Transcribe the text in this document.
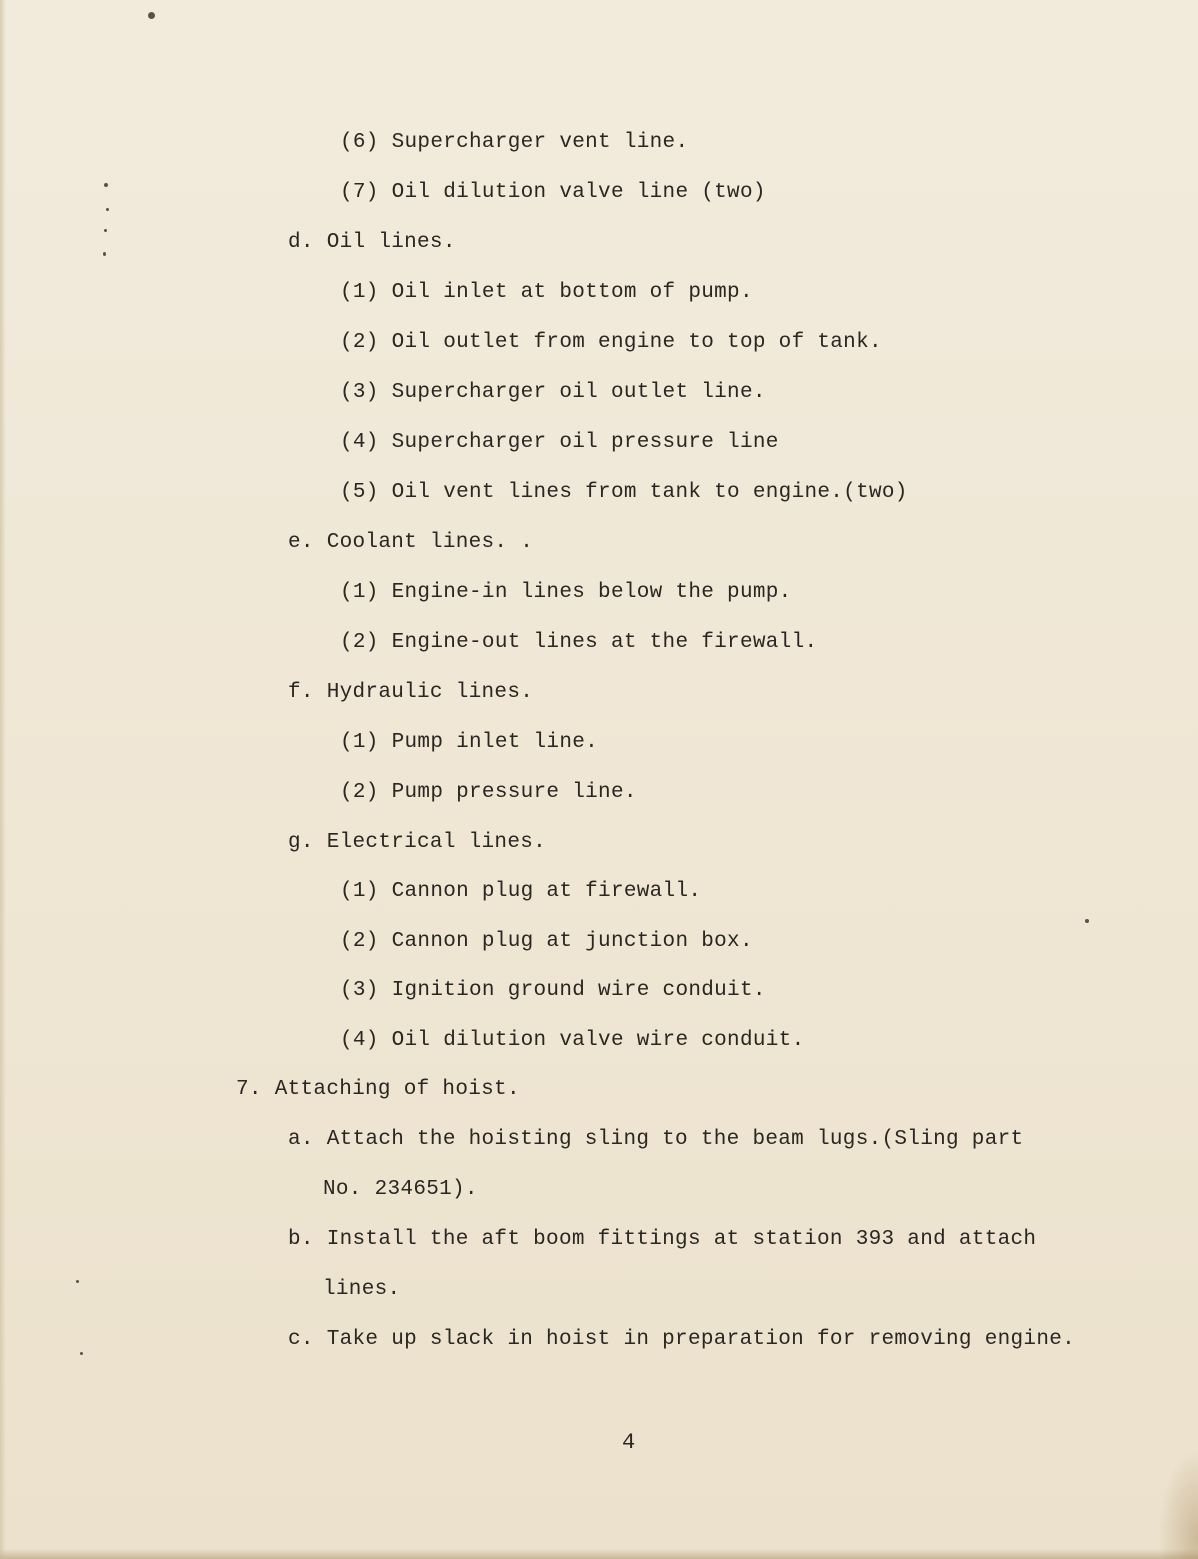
(6) Supercharger vent line.
(7) Oil dilution valve line (two)
d. Oil lines.
(1) Oil inlet at bottom of pump.
(2) Oil outlet from engine to top of tank.
(3) Supercharger oil outlet line.
(4) Supercharger oil pressure line
(5) Oil vent lines from tank to engine.(two)
e. Coolant lines. .
(1) Engine-in lines below the pump.
(2) Engine-out lines at the firewall.
f. Hydraulic lines.
(1) Pump inlet line.
(2) Pump pressure line.
g. Electrical lines.
(1) Cannon plug at firewall.
(2) Cannon plug at junction box.
(3) Ignition ground wire conduit.
(4) Oil dilution valve wire conduit.
7. Attaching of hoist.
a. Attach the hoisting sling to the beam lugs.(Sling part
No. 234651).
b. Install the aft boom fittings at station 393 and attach
lines.
c. Take up slack in hoist in preparation for removing engine.
4
